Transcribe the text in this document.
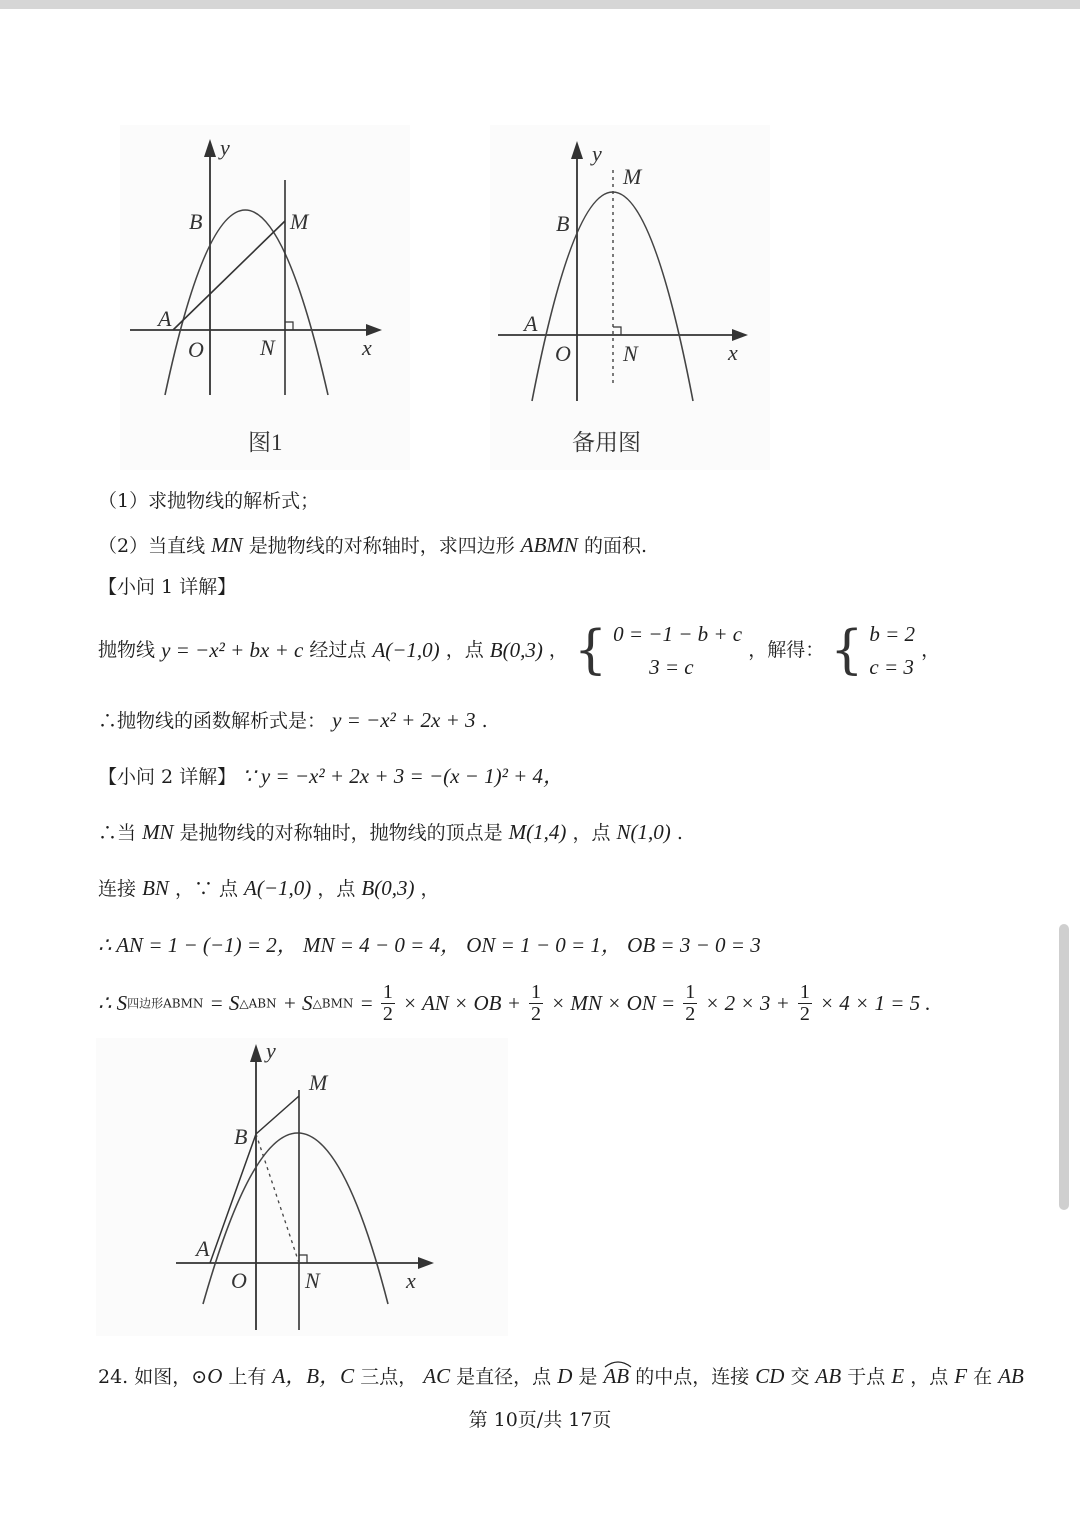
y
x
B	M
A
O	N
图1
y
x
B
M
A
O N
备用图
（1）求抛物线的解析式；
（2）当直线 MN 是抛物线的对称轴时，求四边形 ABMN 的面积.
【小问 1 详解】
抛物线 y = −x² + bx + c 经过点 A(−1,0) ，点 B(0,3) ， { 0 = −1 − b + c
3 = c
，解得： { b = 2
c = 3
，
∴抛物线的函数解析式是： y = −x² + 2x + 3 .
【小问 2 详解】 ∵ y = −x² + 2x + 3 = −(x − 1)² + 4，
∴当 MN 是抛物线的对称轴时，抛物线的顶点是 M(1,4) ，点 N(1,0) .
连接 BN ，∵ 点 A(−1,0) ，点 B(0,3) ，
∴ AN = 1 − (−1) = 2， MN = 4 − 0 = 4， ON = 1 − 0 = 1， OB = 3 − 0 = 3
∴ S四边形ABMN = S△ABN + S△BMN = $\frac{1}{2}$ × AN × OB + $\frac{1}{2}$ × MN × ON = $\frac{1}{2} \times 2 \times 3 + \frac{1}{2} \times 4 \times 1 = 5$ .
y
x
B
M
A
O	N
24. 如图，⊙O 上有 A，B，C 三点， AC 是直径，点 D 是 AB 的中点，连接 CD 交 AB 于点 E ，点 F 在 AB
第 10页/共 17页
